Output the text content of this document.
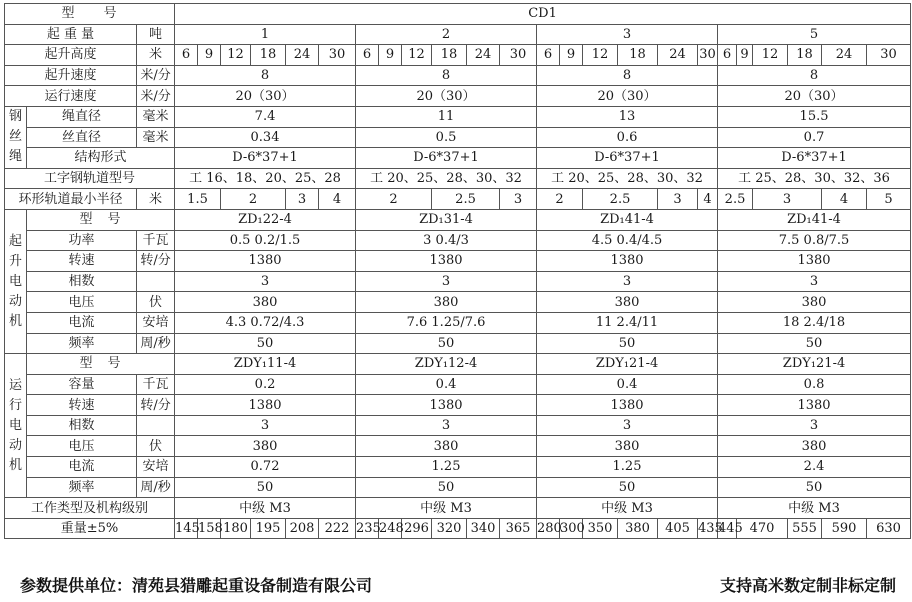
型　　号			CD1																								
起 重 量		吨	1						2						3						5						
起升高度		米	6	9	12	18	24	30	6	9	12	18	24	30	6	9	12	18	24	30	6	9	12	18	24	30	
起升速度		米/分	8						8						8						8						
运行速度		米/分	20（30）						20（30）						20（30）						20（30）						
钢丝绳	绳直径	毫米	7.4						11						13						15.5						
	丝直径	毫米	0.34						0.5						0.6						0.7						
	结构形式		D-6*37+1						D-6*37+1						D-6*37+1						D-6*37+1						
工字钢轨道型号			工 16、18、20、25、28						工 20、25、28、30、32						工 20、25、28、30、32						工 25、28、30、32、36						
环形轨道最小半径		米	1.5		2		3	4	2			2.5		3	2		2.5		3	4	2.5		3		4	5	
起升电动机	型　号		ZD₁22-4						ZD₁31-4						ZD₁41-4						ZD₁41-4						
	功率	千瓦	0.5 0.2/1.5						3 0.4/3						4.5 0.4/4.5						7.5 0.8/7.5						
	转速	转/分	1380						1380						1380						1380						
	相数		3						3						3						3						
	电压	伏	380						380						380						380						
	电流	安培	4.3 0.72/4.3						7.6 1.25/7.6						11 2.4/11						18 2.4/18						
	频率	周/秒	50						50						50						50						
运行电动机	型　号		ZDY₁11-4						ZDY₁12-4						ZDY₁21-4						ZDY₁21-4						
	容量	千瓦	0.2						0.4						0.4						0.8						
	转速	转/分	1380						1380						1380						1380						
	相数		3						3						3						3						
	电压	伏	380						380						380						380						
	电流	安培	0.72						1.25						1.25						2.4						
	频率	周/秒	50						50						50						50						
工作类型及机构级别			中级 M3						中级 M3						中级 M3						中级 M3						
重量±5%			145	158	180	195	208	222	235	248	296	320	340	365	280	300	350	380	405	435	445	470		555	590	630	
参数提供单位：清苑县猎雕起重设备制造有限公司	支持高米数定制非标定制
